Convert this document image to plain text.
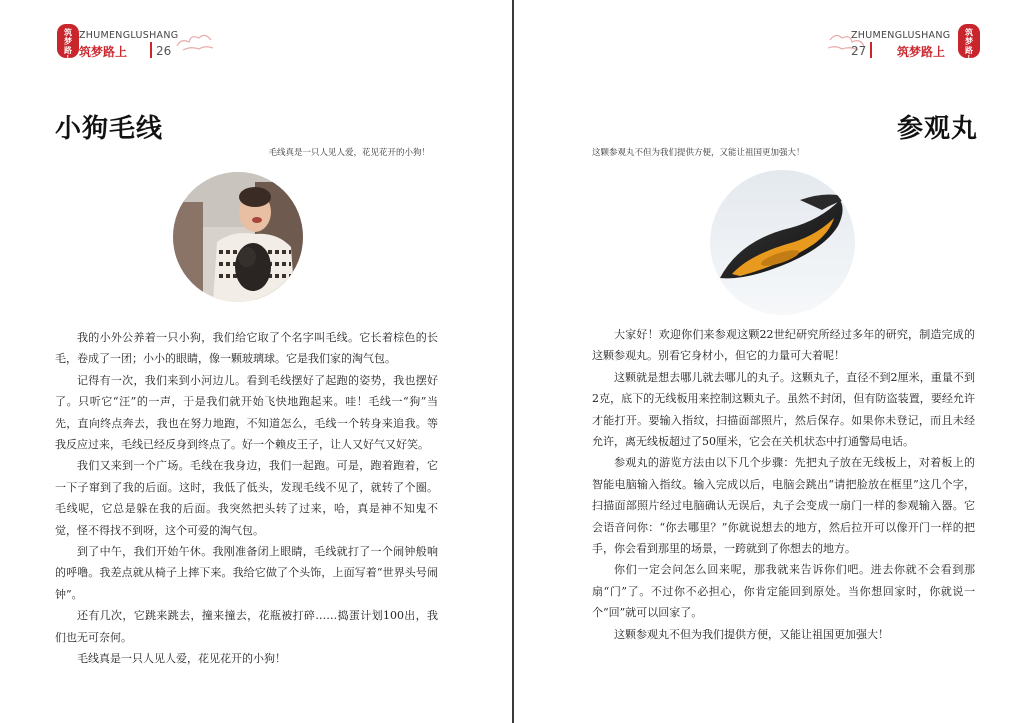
筑梦路上
ZHUMENGLUSHANG
筑梦路上 26
小狗毛线
毛线真是一只人见人爱，花见花开的小狗！

我的小外公养着一只小狗，我们给它取了个名字叫毛线。它长着棕色的长毛，卷成了一团；小小的眼睛，像一颗玻璃球。它是我们家的淘气包。

记得有一次，我们来到小河边儿。看到毛线摆好了起跑的姿势，我也摆好了。只听它“汪”的一声，于是我们就开始飞快地跑起来。哇！毛线一“狗”当先，直向终点奔去，我也在努力地跑，不知道怎么，毛线一个转身来追我。等我反应过来，毛线已经反身到终点了。好一个赖皮王子，让人又好气又好笑。

我们又来到一个广场。毛线在我身边，我们一起跑。可是，跑着跑着，它一下子窜到了我的后面。这时，我低了低头，发现毛线不见了，就转了个圈。毛线呢，它总是躲在我的后面。我突然把头转了过来，哈，真是神不知鬼不觉，怪不得找不到呀，这个可爱的淘气包。

到了中午，我们开始午休。我刚准备闭上眼睛，毛线就打了一个闹钟般响的呼噜。我差点就从椅子上摔下来。我给它做了个头饰，上面写着“世界头号闹钟”。

还有几次，它跳来跳去，撞来撞去，花瓶被打碎……捣蛋计划100出，我们也无可奈何。

毛线真是一只人见人爱，花见花开的小狗！

ZHUMENGLUSHANG
27	筑梦路上
筑梦路上
参观丸
这颗参观丸不但为我们提供方便，又能让祖国更加强大！

大家好！欢迎你们来参观这颗22世纪研究所经过多年的研究，制造完成的这颗参观丸。别看它身材小，但它的力量可大着呢！

这颗就是想去哪儿就去哪儿的丸子。这颗丸子，直径不到2厘米，重量不到2克，底下的无线板用来控制这颗丸子。虽然不封闭，但有防盗装置，要经允许才能打开。要输入指纹，扫描面部照片，然后保存。如果你未登记，而且未经允许，离无线板超过了50厘米，它会在关机状态中打通警局电话。

参观丸的游览方法由以下几个步骤：先把丸子放在无线板上，对着板上的智能电脑输入指纹。输入完成以后，电脑会跳出“请把脸放在框里”这几个字，扫描面部照片经过电脑确认无误后，丸子会变成一扇门一样的参观输入器。它会语音问你：“你去哪里？”你就说想去的地方，然后拉开可以像开门一样的把手，你会看到那里的场景，一跨就到了你想去的地方。

你们一定会问怎么回来呢，那我就来告诉你们吧。进去你就不会看到那扇“门”了。不过你不必担心，你肯定能回到原处。当你想回家时，你就说一个“回”就可以回家了。

这颗参观丸不但为我们提供方便，又能让祖国更加强大！
